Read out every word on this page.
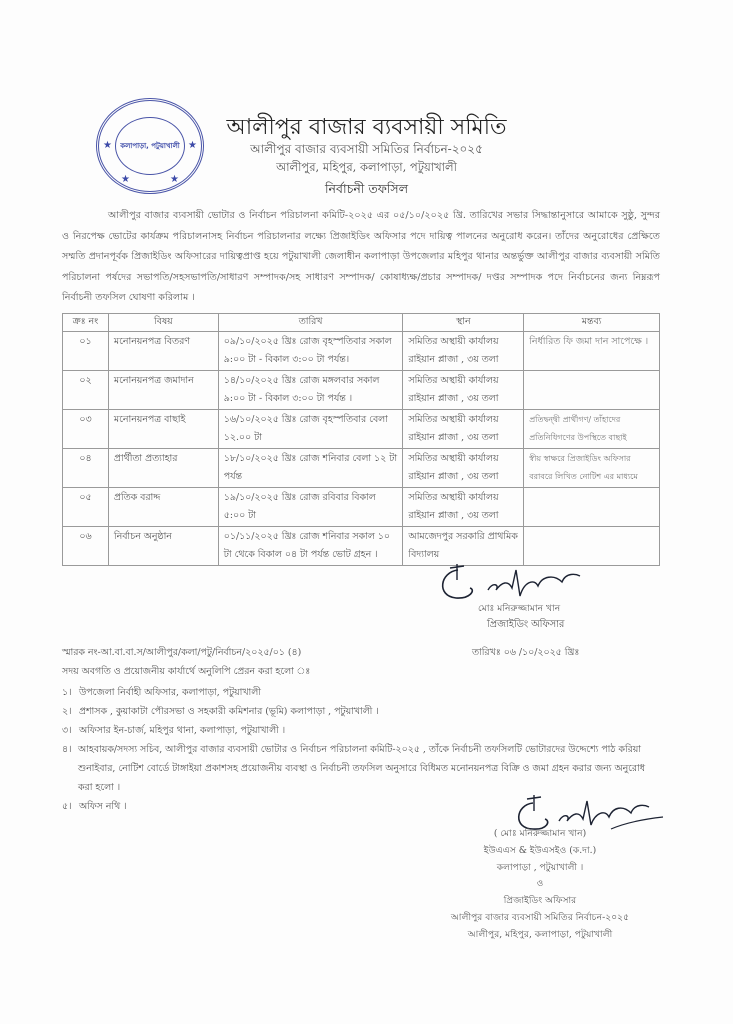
কলাপাড়া, পটুয়াখালী
★	★
★	★
আলীপুর বাজার ব্যবসায়ী সমিতি
আলীপুর বাজার ব্যবসায়ী সমিতির নির্বাচন-২০২৫
আলীপুর, মহিপুর, কলাপাড়া, পটুয়াখালী
নির্বাচনী তফসিল
আলীপুর বাজার ব্যবসায়ী ভোটার ও নির্বাচন পরিচালনা কমিটি-২০২৫ এর ০৫/১০/২০২৫ খ্রি. তারিখের সভার সিদ্ধান্তানুসারে আমাকে সুষ্ঠু, সুন্দর ও নিরপেক্ষ ভোটের কার্যক্রম পরিচালনাসহ নির্বাচন পরিচালনার লক্ষ্যে প্রিজাইডিং অফিসার পদে দায়িত্ব পালনের অনুরোধ করেন। তাঁদের অনুরোধের প্রেক্ষিতে সম্মতি প্রদানপূর্বক প্রিজাইডিং অফিসারের দায়িত্বপ্রাপ্ত হয়ে পটুয়াখালী জেলাধীন কলাপাড়া উপজেলার মহিপুর থানার অন্তর্ভুক্ত আলীপুর বাজার ব্যবসায়ী সমিতি পরিচালনা পর্ষদের সভাপতি/সহসভাপতি/সাধারণ সম্পাদক/সহ সাধারণ সম্পাদক/ কোষাধ্যক্ষ/প্রচার সম্পাদক/ দপ্তর সম্পাদক পদে নির্বাচনের জন্য নিম্নরূপ নির্বাচনী তফসিল ঘোষণা করিলাম ।
ক্রঃ নং	বিষয়	তারিখ	স্থান	মন্তব্য
০১	মনোনয়নপত্র বিতরণ	০৯/১০/২০২৫ খ্রিঃ রোজ বৃহস্পতিবার সকাল ৯:০০ টা - বিকাল ৩:০০ টা পর্যন্ত।	সমিতির অস্থায়ী কার্যালয় রাইয়ান প্লাজা , ৩য় তলা	নির্ধারিত ফি জমা দান সাপেক্ষে ।
০২	মনোনয়নপত্র জমাদান	১৪/১০/২০২৫ খ্রিঃ রোজ মঙ্গলবার সকাল ৯:০০ টা - বিকাল ৩:০০ টা পর্যন্ত ।	সমিতির অস্থায়ী কার্যালয় রাইয়ান প্লাজা , ৩য় তলা	
০৩	মনোনয়নপত্র বাছাই	১৬/১০/২০২৫ খ্রিঃ রোজ বৃহস্পতিবার বেলা ১২.০০ টা	সমিতির অস্থায়ী কার্যালয় রাইয়ান প্লাজা , ৩য় তলা	প্রতিদ্বন্দ্বী প্রার্থীগণ/ তাঁহাদের প্রতিনিধিগণের উপস্থিতে বাছাই
০৪	প্রার্থীতা প্রত্যাহার	১৮/১০/২০২৫ খ্রিঃ রোজ শনিবার বেলা ১২ টা পর্যন্ত	সমিতির অস্থায়ী কার্যালয় রাইয়ান প্লাজা , ৩য় তলা	স্বীয় স্বাক্ষরে প্রিজাইডিং অফিসার বরাবরে লিখিত নোটিশ এর মাধ্যমে
০৫	প্রতিক বরাদ্দ	১৯/১০/২০২৫ খ্রিঃ রোজ রবিবার বিকাল ৫:০০ টা	সমিতির অস্থায়ী কার্যালয় রাইয়ান প্লাজা , ৩য় তলা	
০৬	নির্বাচন অনুষ্ঠান	০১/১১/২০২৫ খ্রিঃ রোজ শনিবার সকাল ১০ টা থেকে বিকাল ০৪ টা পর্যন্ত ভোট গ্রহন ।	আমজেদপুর সরকারি প্রাথমিক বিদ্যালয়	
মোঃ মনিরুজ্জামান খান
প্রিজাইডিং অফিসার
স্মারক নং-আ.বা.বা.স/আলীপুর/কলা/পটু/নির্বাচন/২০২৫/০১ (৪)	তারিখঃ ০৬ /১০/২০২৫ খ্রিঃ
সদয় অবগতি ও প্রয়োজনীয় কার্যার্থে অনুলিপি প্রেরন করা হলো ঃ
১। উপজেলা নির্বাহী অফিসার, কলাপাড়া, পটুয়াখালী
২। প্রশাসক , কুয়াকাটা পৌরসভা ও সহকারী কমিশনার (ভূমি) কলাপাড়া , পটুয়াখালী ।
৩। অফিসার ইন-চার্জ, মহিপুর থানা, কলাপাড়া, পটুয়াখালী ।
৪। আহবায়ক/সদস্য সচিব, আলীপুর বাজার ব্যবসায়ী ভোটার ও নির্বাচন পরিচালনা কমিটি-২০২৫ , তাঁকে নির্বাচনী তফসিলটি ভোটারদের উদ্দেশ্যে পাঠ করিয়া শুনাইবার, নোটিশ বোর্ডে টাঙ্গাইয়া প্রকাশসহ প্রয়োজনীয় ব্যবস্থা ও নির্বাচনী তফসিল অনুসারে বিধিমত মনোনয়নপত্র বিক্রি ও জমা গ্রহন করার জন্য অনুরোধ করা হলো ।
৫। অফিস নথি ।
( মোঃ মনিরুজ্জামান খান)
ইউএএস & ইউএসইও (ক.দা.)
কলাপাড়া , পটুয়াখালী ।
ও
প্রিজাইডিং অফিসার
আলীপুর বাজার ব্যবসায়ী সমিতির নির্বাচন-২০২৫
আলীপুর, মহিপুর, কলাপাড়া, পটুয়াখালী
